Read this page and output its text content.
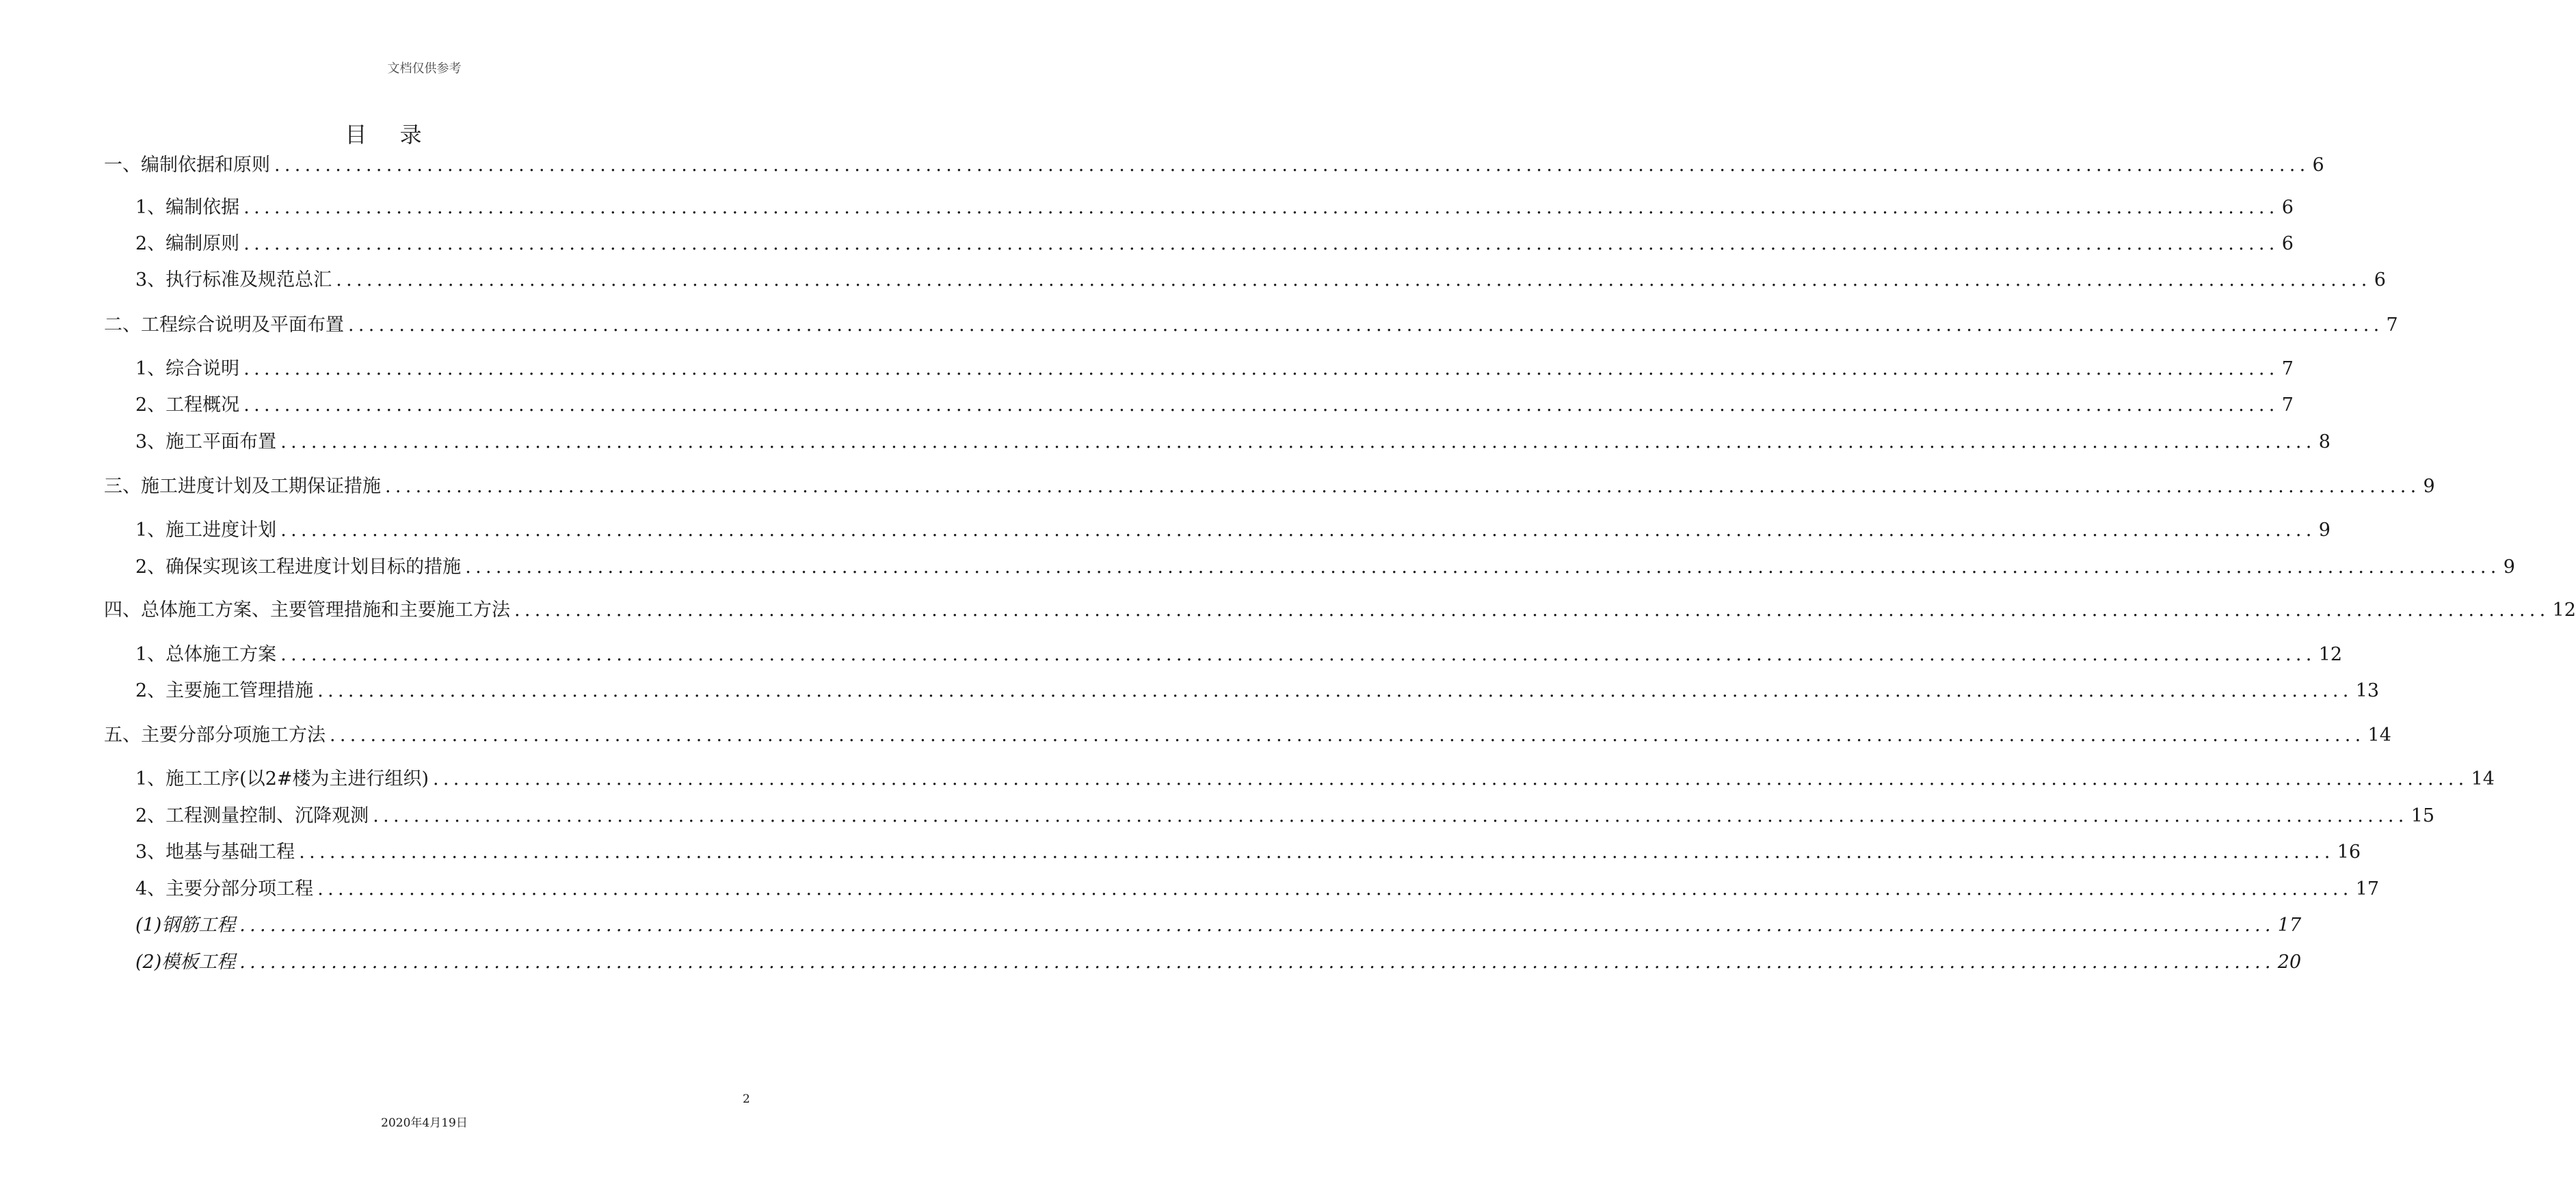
文档仅供参考
目 录
一、编制依据和原则 ........................................................................................................................................................................................................ 6
1、编制依据 ........................................................................................................................................................................................................ 6
2、编制原则 ........................................................................................................................................................................................................ 6
3、执行标准及规范总汇 ........................................................................................................................................................................................................ 6
二、工程综合说明及平面布置 ........................................................................................................................................................................................................ 7
1、综合说明 ........................................................................................................................................................................................................ 7
2、工程概况 ........................................................................................................................................................................................................ 7
3、施工平面布置 ........................................................................................................................................................................................................ 8
三、施工进度计划及工期保证措施 ........................................................................................................................................................................................................ 9
1、施工进度计划 ........................................................................................................................................................................................................ 9
2、确保实现该工程进度计划目标的措施 ........................................................................................................................................................................................................ 9
四、总体施工方案、主要管理措施和主要施工方法 ........................................................................................................................................................................................................ 12
1、总体施工方案 ........................................................................................................................................................................................................ 12
2、主要施工管理措施 ........................................................................................................................................................................................................ 13
五、主要分部分项施工方法 ........................................................................................................................................................................................................ 14
1、施工工序(以2#楼为主进行组织) ........................................................................................................................................................................................................ 14
2、工程测量控制、沉降观测 ........................................................................................................................................................................................................ 15
3、地基与基础工程 ........................................................................................................................................................................................................ 16
4、主要分部分项工程 ........................................................................................................................................................................................................ 17
(1)钢筋工程 ........................................................................................................................................................................................................ 17
(2)模板工程 ........................................................................................................................................................................................................ 20
2
2020年4月19日
